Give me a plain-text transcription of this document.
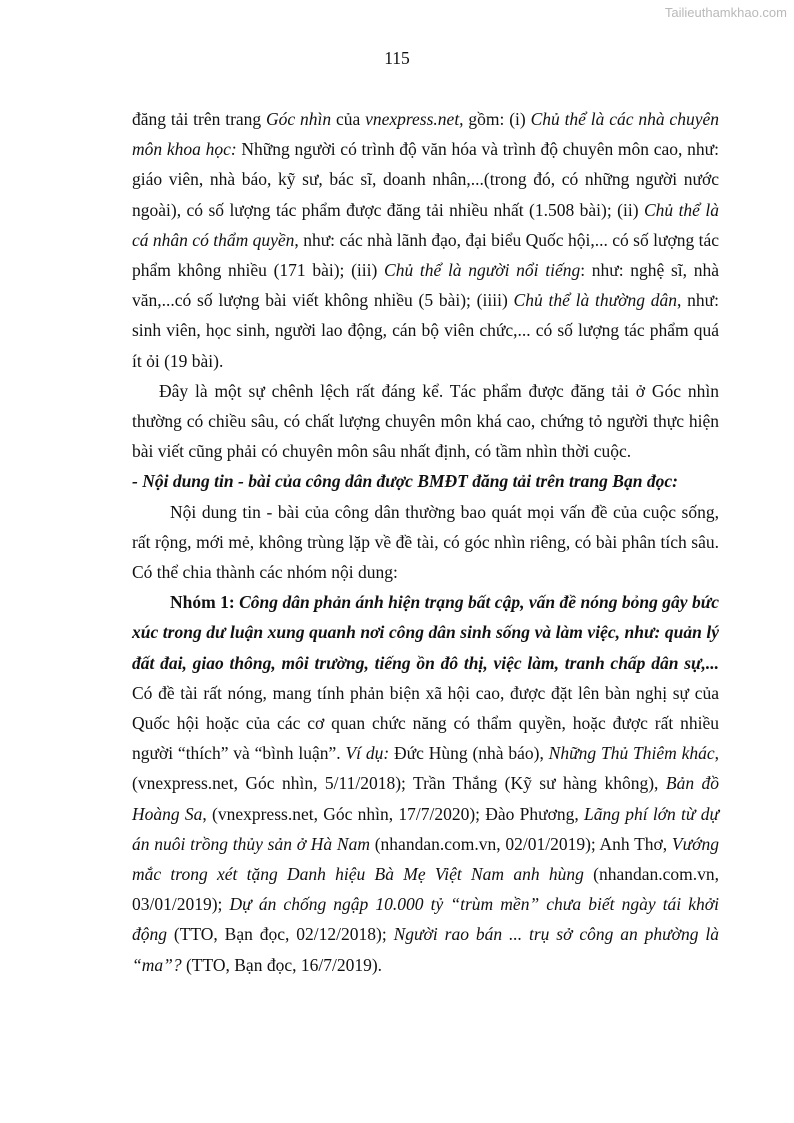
Tailieuthamkhao.com
115

đăng tải trên trang Góc nhìn của vnexpress.net, gồm: (i) Chủ thể là các nhà chuyên môn khoa học: Những người có trình độ văn hóa và trình độ chuyên môn cao, như: giáo viên, nhà báo, kỹ sư, bác sĩ, doanh nhân,...(trong đó, có những người nước ngoài), có số lượng tác phẩm được đăng tải nhiều nhất (1.508 bài); (ii) Chủ thể là cá nhân có thẩm quyền, như: các nhà lãnh đạo, đại biểu Quốc hội,... có số lượng tác phẩm không nhiều (171 bài); (iii) Chủ thể là người nổi tiếng: như: nghệ sĩ, nhà văn,...có số lượng bài viết không nhiều (5 bài); (iiii) Chủ thể là thường dân, như: sinh viên, học sinh, người lao động, cán bộ viên chức,... có số lượng tác phẩm quá ít ỏi (19 bài).

Đây là một sự chênh lệch rất đáng kể. Tác phẩm được đăng tải ở Góc nhìn thường có chiều sâu, có chất lượng chuyên môn khá cao, chứng tỏ người thực hiện bài viết cũng phải có chuyên môn sâu nhất định, có tầm nhìn thời cuộc.

- Nội dung tin - bài của công dân được BMĐT đăng tải trên trang Bạn đọc:

Nội dung tin - bài của công dân thường bao quát mọi vấn đề của cuộc sống, rất rộng, mới mẻ, không trùng lặp về đề tài, có góc nhìn riêng, có bài phân tích sâu. Có thể chia thành các nhóm nội dung:

Nhóm 1: Công dân phản ánh hiện trạng bất cập, vấn đề nóng bỏng gây bức xúc trong dư luận xung quanh nơi công dân sinh sống và làm việc, như: quản lý đất đai, giao thông, môi trường, tiếng ồn đô thị, việc làm, tranh chấp dân sự,... Có đề tài rất nóng, mang tính phản biện xã hội cao, được đặt lên bàn nghị sự của Quốc hội hoặc của các cơ quan chức năng có thẩm quyền, hoặc được rất nhiều người “thích” và “bình luận”. Ví dụ: Đức Hùng (nhà báo), Những Thủ Thiêm khác, (vnexpress.net, Góc nhìn, 5/11/2018); Trần Thắng (Kỹ sư hàng không), Bản đồ Hoàng Sa, (vnexpress.net, Góc nhìn, 17/7/2020); Đào Phương, Lãng phí lớn từ dự án nuôi trồng thủy sản ở Hà Nam (nhandan.com.vn, 02/01/2019); Anh Thơ, Vướng mắc trong xét tặng Danh hiệu Bà Mẹ Việt Nam anh hùng (nhandan.com.vn, 03/01/2019); Dự án chống ngập 10.000 tỷ “trùm mền” chưa biết ngày tái khởi động (TTO, Bạn đọc, 02/12/2018); Người rao bán ... trụ sở công an phường là “ma”? (TTO, Bạn đọc, 16/7/2019).
